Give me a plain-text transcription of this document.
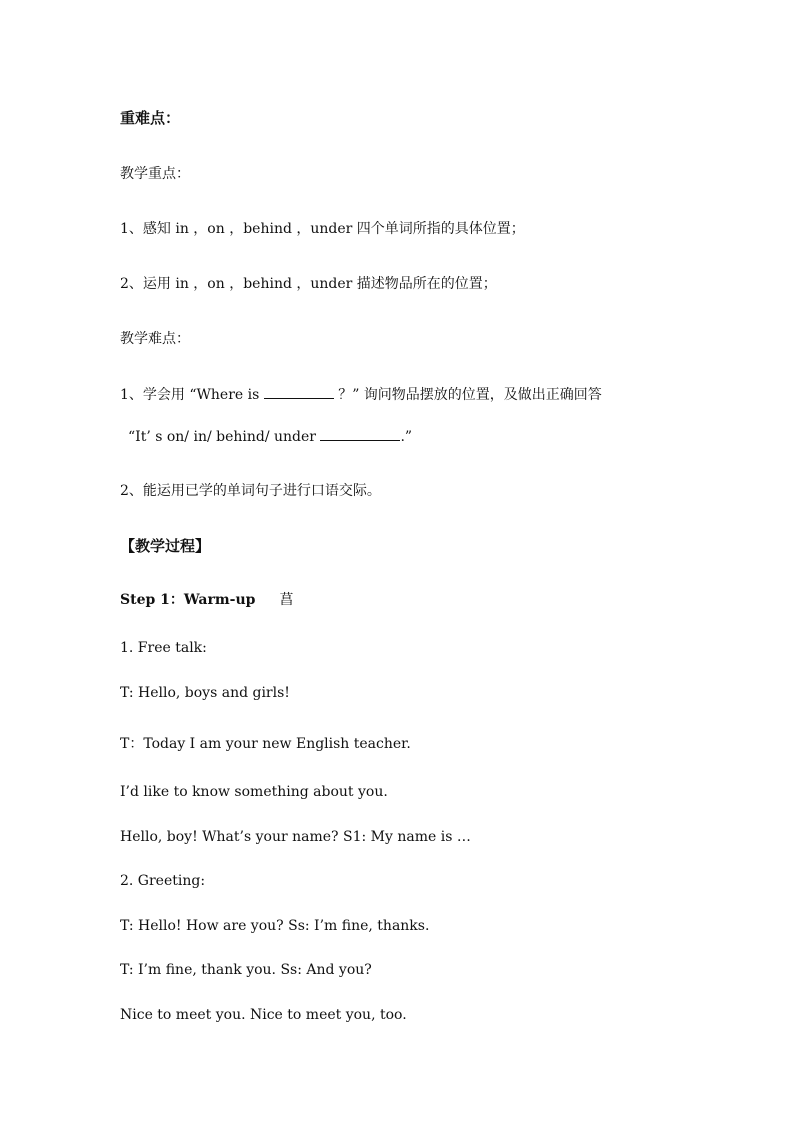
重难点：
教学重点：
1、感知 in ，on ，behind ，under 四个单词所指的具体位置；
2、运用 in ，on ，behind ，under 描述物品所在的位置；
教学难点：
1、学会用 “Where is	？” 询问物品摆放的位置，及做出正确回答
“It’ s on/ in/ behind/ under	.”
2、能运用已学的单词句子进行口语交际。
【教学过程】
Step 1：Warm-up 菖
1. Free talk:
T: Hello, boys and girls!
T：Today I am your new English teacher.
I’d like to know something about you.
Hello, boy! What’s your name? S1: My name is …
2. Greeting:
T: Hello! How are you? Ss: I’m fine, thanks.
T: I’m fine, thank you. Ss: And you?
Nice to meet you. Nice to meet you, too.
